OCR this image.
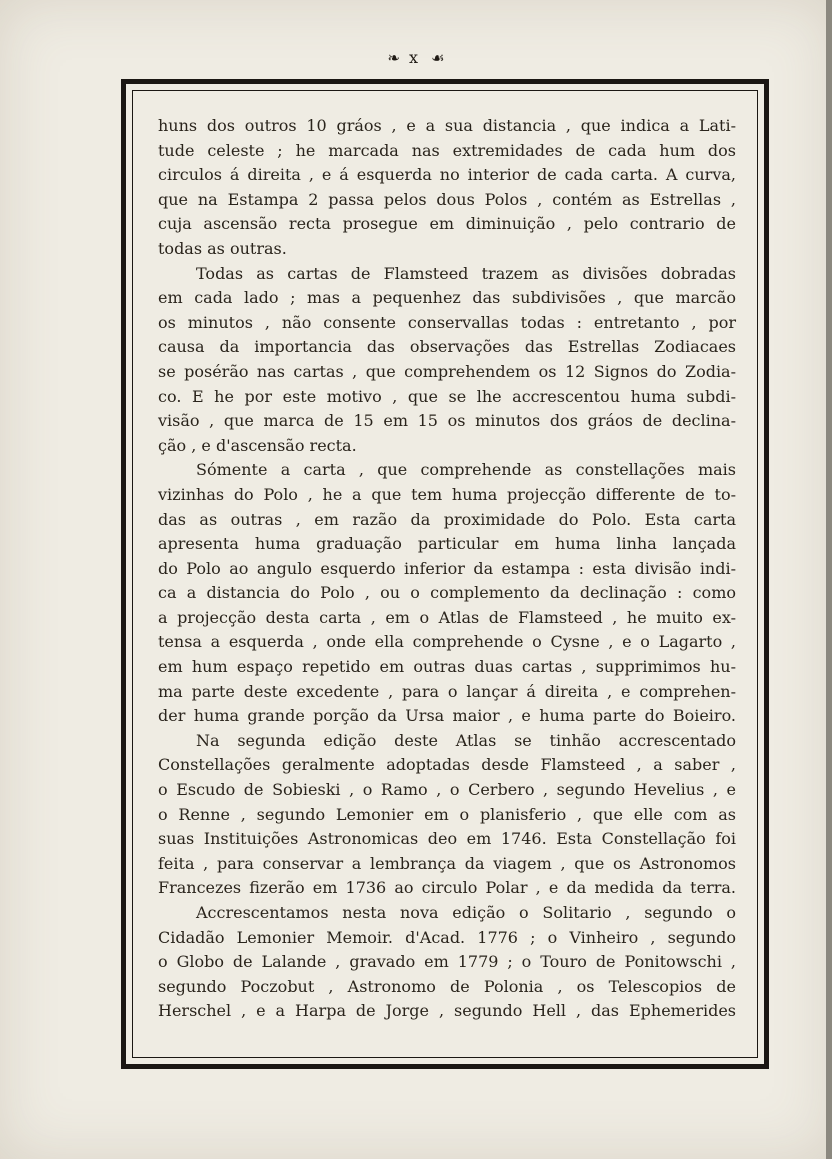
❧ x ☙
huns dos outros 10 gráos , e a sua distancia , que indica a Lati-
tude celeste ; he marcada nas extremidades de cada hum dos
circulos á direita , e á esquerda no interior de cada carta. A curva,
que na Estampa 2 passa pelos dous Polos , contém as Estrellas ,
cuja ascensão recta prosegue em diminuição , pelo contrario de
todas as outras.
Todas as cartas de Flamsteed trazem as divisões dobradas
em cada lado ; mas a pequenhez das subdivisões , que marcão
os minutos , não consente conservallas todas : entretanto , por
causa da importancia das observações das Estrellas Zodiacaes
se posérão nas cartas , que comprehendem os 12 Signos do Zodia-
co. E he por este motivo , que se lhe accrescentou huma subdi-
visão , que marca de 15 em 15 os minutos dos gráos de declina-
ção , e d'ascensão recta.
Sómente a carta , que comprehende as constellações mais
vizinhas do Polo , he a que tem huma projecção differente de to-
das as outras , em razão da proximidade do Polo. Esta carta
apresenta huma graduação particular em huma linha lançada
do Polo ao angulo esquerdo inferior da estampa : esta divisão indi-
ca a distancia do Polo , ou o complemento da declinação : como
a projecção desta carta , em o Atlas de Flamsteed , he muito ex-
tensa a esquerda , onde ella comprehende o Cysne , e o Lagarto ,
em hum espaço repetido em outras duas cartas , supprimimos hu-
ma parte deste excedente , para o lançar á direita , e comprehen-
der huma grande porção da Ursa maior , e huma parte do Boieiro.
Na segunda edição deste Atlas se tinhão accrescentado
Constellações geralmente adoptadas desde Flamsteed , a saber ,
o Escudo de Sobieski , o Ramo , o Cerbero , segundo Hevelius , e
o Renne , segundo Lemonier em o planisferio , que elle com as
suas Instituições Astronomicas deo em 1746. Esta Constellação foi
feita , para conservar a lembrança da viagem , que os Astronomos
Francezes fizerão em 1736 ao circulo Polar , e da medida da terra.
Accrescentamos nesta nova edição o Solitario , segundo o
Cidadão Lemonier Memoir. d'Acad. 1776 ; o Vinheiro , segundo
o Globo de Lalande , gravado em 1779 ; o Touro de Ponitowschi ,
segundo Poczobut , Astronomo de Polonia , os Telescopios de
Herschel , e a Harpa de Jorge , segundo Hell , das Ephemerides
